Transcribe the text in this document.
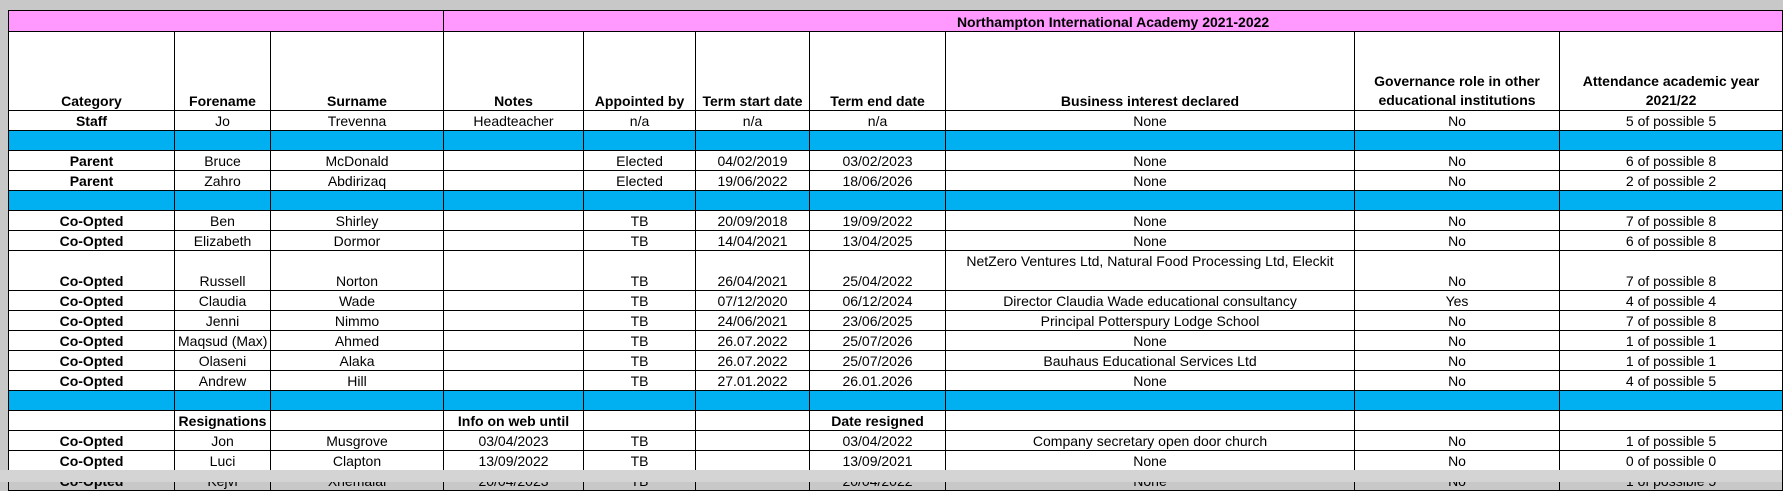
			Northampton International Academy 2021-2022						
Category	Forename	Surname	Notes	Appointed by	Term start date	Term end date	Business interest declared	Governance role in other educational institutions	Attendance academic year 2021/22
Staff	Jo	Trevenna	Headteacher	n/a	n/a	n/a	None	No	5 of possible 5

Parent	Bruce	McDonald		Elected	04/02/2019	03/02/2023	None	No	6 of possible 8
Parent	Zahro	Abdirizaq		Elected	19/06/2022	18/06/2026	None	No	2 of possible 2

Co-Opted	Ben	Shirley		TB	20/09/2018	19/09/2022	None	No	7 of possible 8
Co-Opted	Elizabeth	Dormor		TB	14/04/2021	13/04/2025	None	No	6 of possible 8
Co-Opted	Russell	Norton		TB	26/04/2021	25/04/2022	NetZero Ventures Ltd, Natural Food Processing Ltd, Eleckit	No	7 of possible 8
Co-Opted	Claudia	Wade		TB	07/12/2020	06/12/2024	Director Claudia Wade educational consultancy	Yes	4 of possible 4
Co-Opted	Jenni	Nimmo		TB	24/06/2021	23/06/2025	Principal Potterspury Lodge School	No	7 of possible 8
Co-Opted	Maqsud (Max)	Ahmed		TB	26.07.2022	25/07/2026	None	No	1 of possible 1
Co-Opted	Olaseni	Alaka		TB	26.07.2022	25/07/2026	Bauhaus Educational Services Ltd	No	1 of possible 1
Co-Opted	Andrew	Hill		TB	27.01.2022	26.01.2026	None	No	4 of possible 5

	Resignations		Info on web until			Date resigned			
Co-Opted	Jon	Musgrove	03/04/2023	TB		03/04/2022	Company secretary open door church	No	1 of possible 5
Co-Opted	Luci	Clapton	13/09/2022	TB		13/09/2021	None	No	0 of possible 0
